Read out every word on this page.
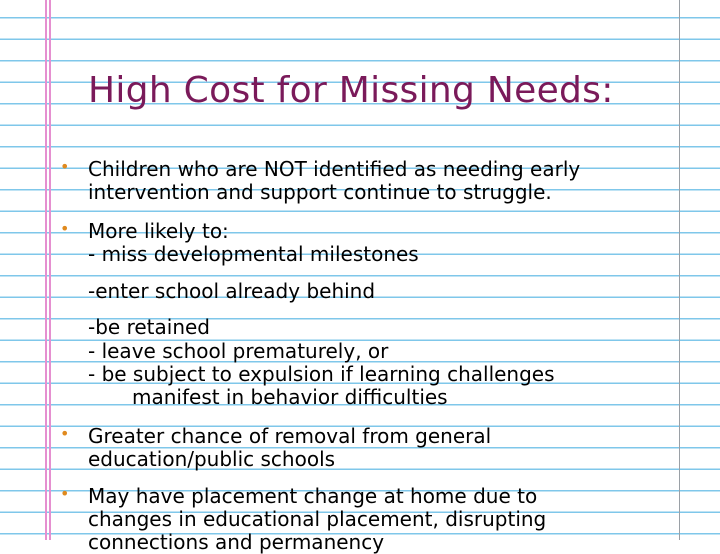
High Cost for Missing Needs:
• Children who are NOT identified as needing early
intervention and support continue to struggle.
• More likely to:
- miss developmental milestones
-enter school already behind
-be retained
- leave school prematurely, or
- be subject to expulsion if learning challenges
manifest in behavior difficulties
• Greater chance of removal from general
education/public schools
• May have placement change at home due to
changes in educational placement, disrupting
connections and permanency
